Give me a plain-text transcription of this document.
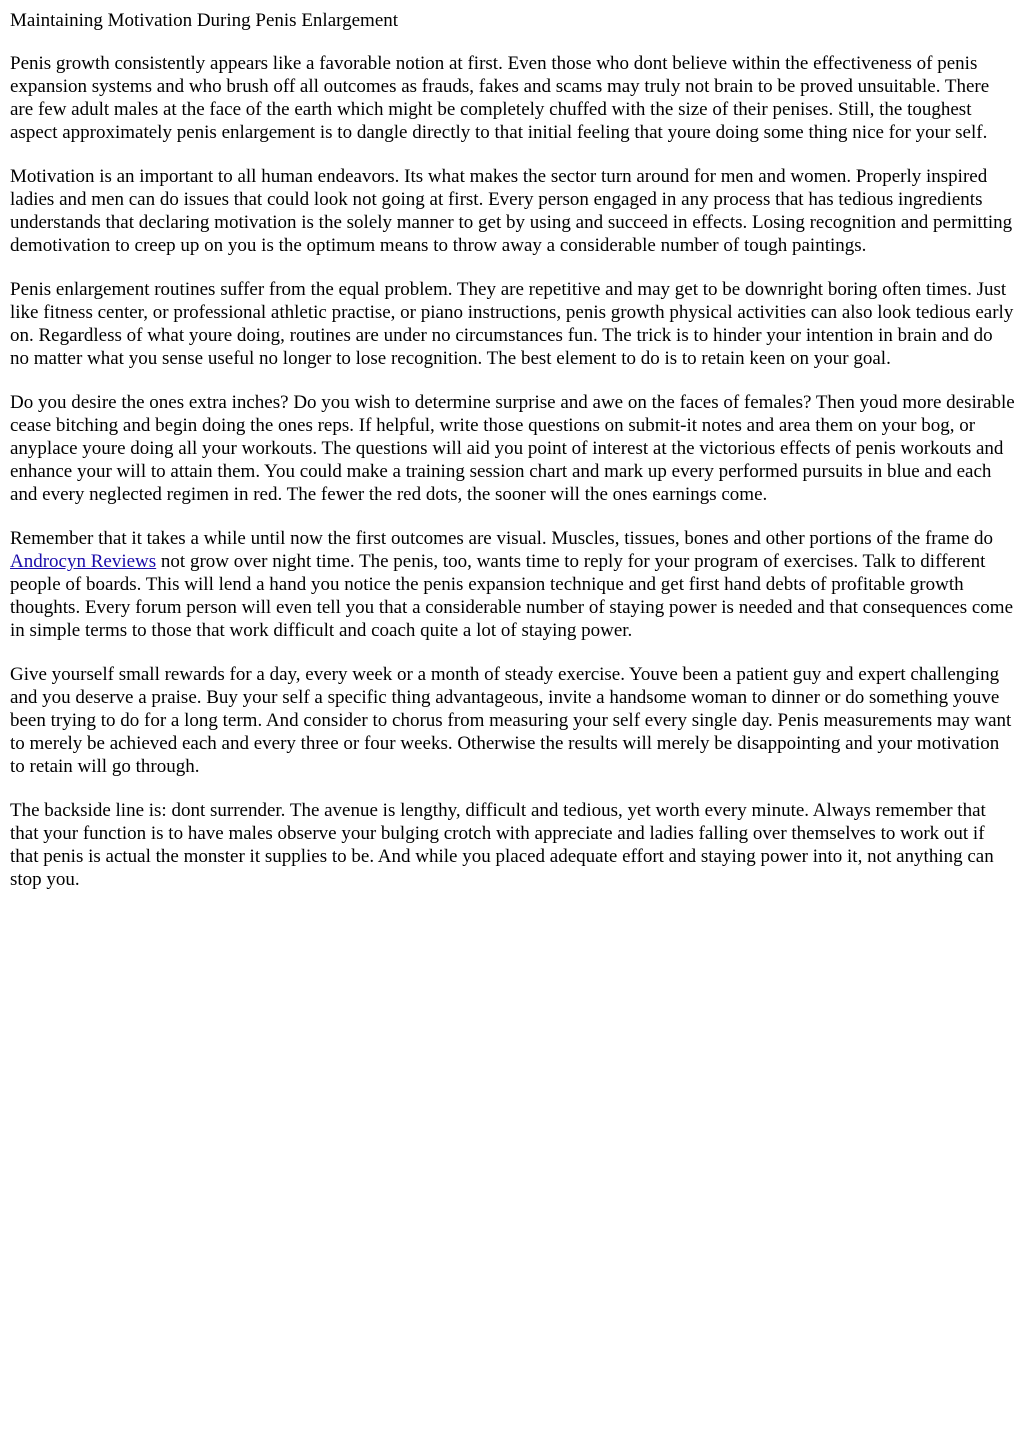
Maintaining Motivation During Penis Enlargement

Penis growth consistently appears like a favorable notion at first. Even those who dont believe within the effectiveness of penis expansion systems and who brush off all outcomes as frauds, fakes and scams may truly not brain to be proved unsuitable. There are few adult males at the face of the earth which might be completely chuffed with the size of their penises. Still, the toughest aspect approximately penis enlargement is to dangle directly to that initial feeling that youre doing some thing nice for your self.

Motivation is an important to all human endeavors. Its what makes the sector turn around for men and women. Properly inspired ladies and men can do issues that could look not going at first. Every person engaged in any process that has tedious ingredients understands that declaring motivation is the solely manner to get by using and succeed in effects. Losing recognition and permitting demotivation to creep up on you is the optimum means to throw away a considerable number of tough paintings.

Penis enlargement routines suffer from the equal problem. They are repetitive and may get to be downright boring often times. Just like fitness center, or professional athletic practise, or piano instructions, penis growth physical activities can also look tedious early on. Regardless of what youre doing, routines are under no circumstances fun. The trick is to hinder your intention in brain and do no matter what you sense useful no longer to lose recognition. The best element to do is to retain keen on your goal.

Do you desire the ones extra inches? Do you wish to determine surprise and awe on the faces of females? Then youd more desirable cease bitching and begin doing the ones reps. If helpful, write those questions on submit-it notes and area them on your bog, or anyplace youre doing all your workouts. The questions will aid you point of interest at the victorious effects of penis workouts and enhance your will to attain them. You could make a training session chart and mark up every performed pursuits in blue and each and every neglected regimen in red. The fewer the red dots, the sooner will the ones earnings come.

Remember that it takes a while until now the first outcomes are visual. Muscles, tissues, bones and other portions of the frame do Androcyn Reviews not grow over night time. The penis, too, wants time to reply for your program of exercises. Talk to different people of boards. This will lend a hand you notice the penis expansion technique and get first hand debts of profitable growth thoughts. Every forum person will even tell you that a considerable number of staying power is needed and that consequences come in simple terms to those that work difficult and coach quite a lot of staying power.

Give yourself small rewards for a day, every week or a month of steady exercise. Youve been a patient guy and expert challenging and you deserve a praise. Buy your self a specific thing advantageous, invite a handsome woman to dinner or do something youve been trying to do for a long term. And consider to chorus from measuring your self every single day. Penis measurements may want to merely be achieved each and every three or four weeks. Otherwise the results will merely be disappointing and your motivation to retain will go through.

The backside line is: dont surrender. The avenue is lengthy, difficult and tedious, yet worth every minute. Always remember that that your function is to have males observe your bulging crotch with appreciate and ladies falling over themselves to work out if that penis is actual the monster it supplies to be. And while you placed adequate effort and staying power into it, not anything can stop you.
